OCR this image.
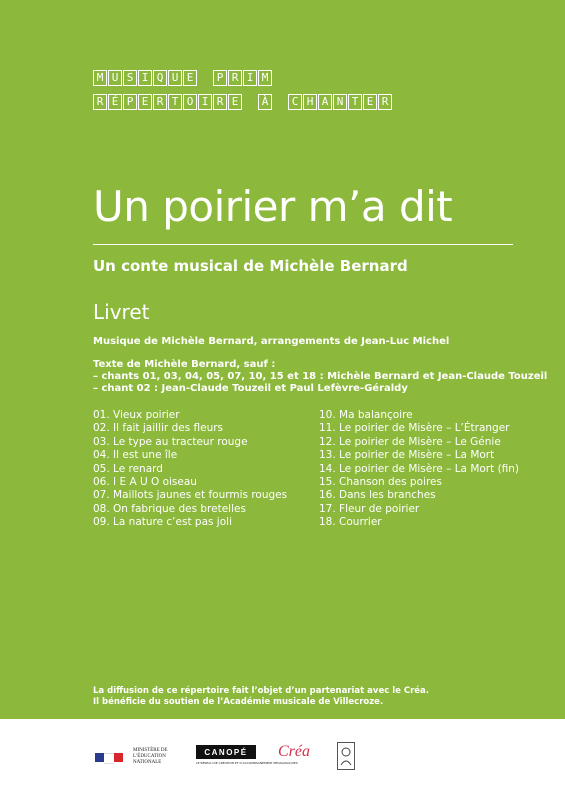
M U S I Q U E	P R I M
R É P E R T O I R E	À	C H A N T E R
Un poirier m’a dit
Un conte musical de Michèle Bernard
Livret
Musique de Michèle Bernard, arrangements de Jean-Luc Michel
Texte de Michèle Bernard, sauf :
– chants 01, 03, 04, 05, 07, 10, 15 et 18 : Michèle Bernard et Jean-Claude Touzeil
– chant 02 : Jean-Claude Touzeil et Paul Lefèvre-Géraldy
01. Vieux poirier
02. Il fait jaillir des fleurs
03. Le type au tracteur rouge
04. Il est une île
05. Le renard
06. I E A U O oiseau
07. Maillots jaunes et fourmis rouges
08. On fabrique des bretelles
09. La nature c’est pas joli
10. Ma balançoire
11. Le poirier de Misère – L’Étranger
12. Le poirier de Misère – Le Génie
13. Le poirier de Misère – La Mort
14. Le poirier de Misère – La Mort (fin)
15. Chanson des poires
16. Dans les branches
17. Fleur de poirier
18. Courrier
La diffusion de ce répertoire fait l’objet d’un partenariat avec le Créa.
Il bénéficie du soutien de l’Académie musicale de Villecroze.
MINISTÈRE DE L’ÉDUCATION NATIONALE
CANOPÉ
LE RÉSEAU DE CRÉATION ET D’ACCOMPAGNEMENT PÉDAGOGIQUES
Créa
